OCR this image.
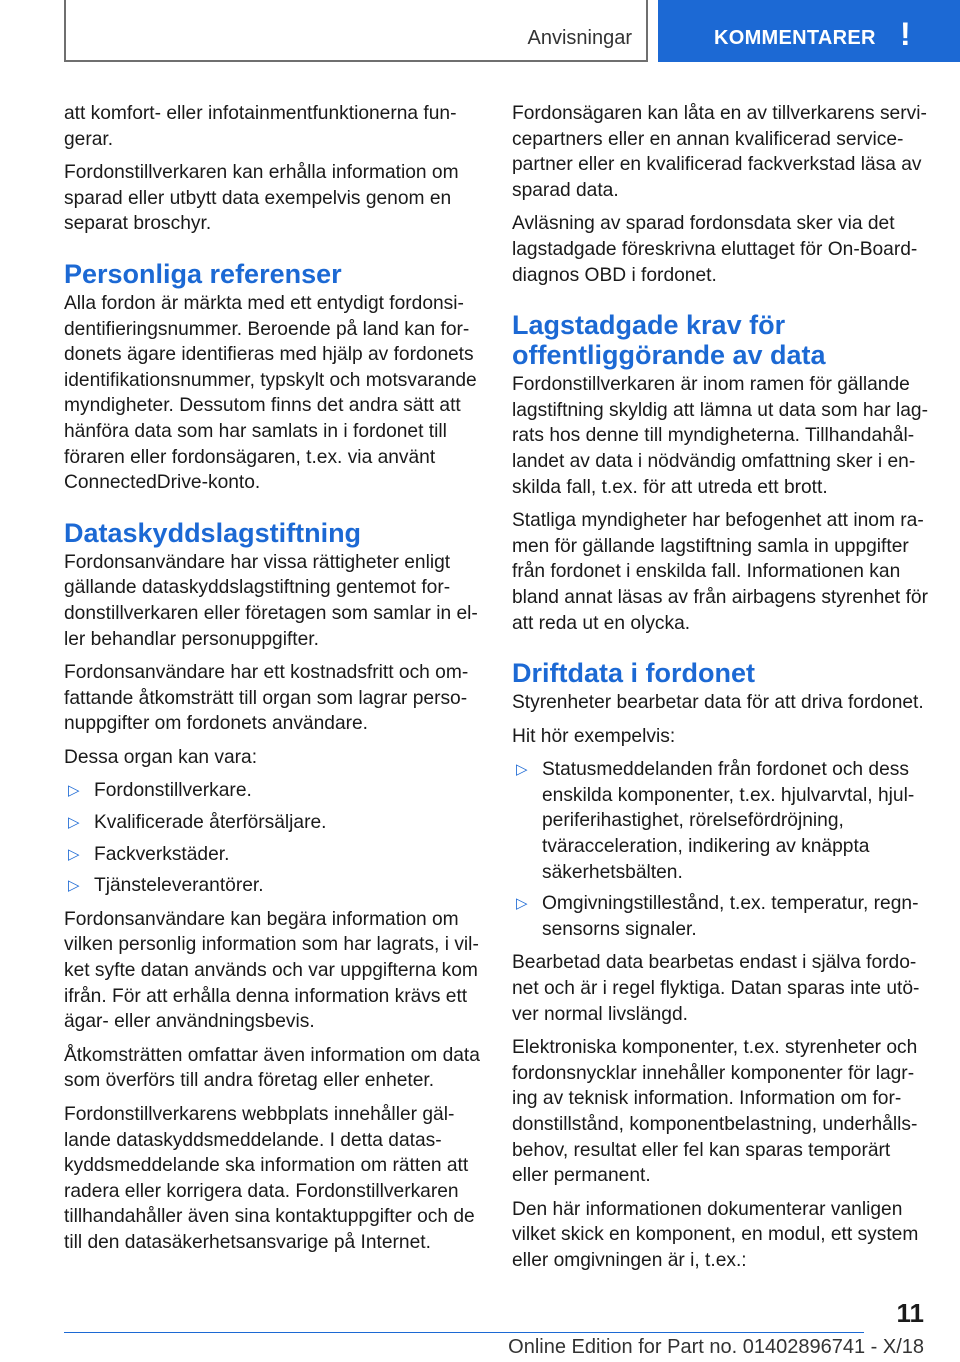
Anvisningar	KOMMENTARER !

att komfort- eller infotainmentfunktionerna fungerar.

Fordonstillverkaren kan erhålla information om sparad eller utbytt data exempelvis genom en separat broschyr.

Personliga referenser

Alla fordon är märkta med ett entydigt fordonsidentifieringsnummer. Beroende på land kan fordonets ägare identifieras med hjälp av fordonets identifikationsnummer, typskylt och motsvarande myndigheter. Dessutom finns det andra sätt att hänföra data som har samlats in i fordonet till föraren eller fordonsägaren, t.ex. via använt ConnectedDrive-konto.

Dataskyddslagstiftning

Fordonsanvändare har vissa rättigheter enligt gällande dataskyddslagstiftning gentemot fordonstillverkaren eller företagen som samlar in eller behandlar personuppgifter.

Fordonsanvändare har ett kostnadsfritt och omfattande åtkomsträtt till organ som lagrar personuppgifter om fordonets användare.

Dessa organ kan vara:

▷ Fordonstillverkare.
▷ Kvalificerade återförsäljare.
▷ Fackverkstäder.
▷ Tjänsteleverantörer.

Fordonsanvändare kan begära information om vilken personlig information som har lagrats, i vilket syfte datan används och var uppgifterna kom ifrån. För att erhålla denna information krävs ett ägar- eller användningsbevis.

Åtkomsträtten omfattar även information om data som överförs till andra företag eller enheter.

Fordonstillverkarens webbplats innehåller gällande dataskyddsmeddelande. I detta dataskyddsmeddelande ska information om rätten att radera eller korrigera data. Fordonstillverkaren tillhandahåller även sina kontaktuppgifter och de till den datasäkerhetsansvarige på Internet.

Fordonsägaren kan låta en av tillverkarens servicepartners eller en annan kvalificerad servicepartner eller en kvalificerad fackverkstad läsa av sparad data.

Avläsning av sparad fordonsdata sker via det lagstadgade föreskrivna eluttaget för On-Board-diagnos OBD i fordonet.

Lagstadgade krav för offentliggörande av data

Fordonstillverkaren är inom ramen för gällande lagstiftning skyldig att lämna ut data som har lagrats hos denne till myndigheterna. Tillhandahållandet av data i nödvändig omfattning sker i enskilda fall, t.ex. för att utreda ett brott.

Statliga myndigheter har befogenhet att inom ramen för gällande lagstiftning samla in uppgifter från fordonet i enskilda fall. Informationen kan bland annat läsas av från airbagens styrenhet för att reda ut en olycka.

Driftdata i fordonet

Styrenheter bearbetar data för att driva fordonet.

Hit hör exempelvis:

▷ Statusmeddelanden från fordonet och dess enskilda komponenter, t.ex. hjulvarvtal, hjulperiferihastighet, rörelsefördröjning, tväracceleration, indikering av knäppta säkerhetsbälten.
▷ Omgivningstillestånd, t.ex. temperatur, regnsensorns signaler.

Bearbetad data bearbetas endast i själva fordonet och är i regel flyktiga. Datan sparas inte utöver normal livslängd.

Elektroniska komponenter, t.ex. styrenheter och fordonsnycklar innehåller komponenter för lagring av teknisk information. Information om fordonstillstånd, komponentbelastning, underhållsbehov, resultat eller fel kan sparas temporärt eller permanent.

Den här informationen dokumenterar vanligen vilket skick en komponent, en modul, ett system eller omgivningen är i, t.ex.:

11
Online Edition for Part no. 01402896741 - X/18
